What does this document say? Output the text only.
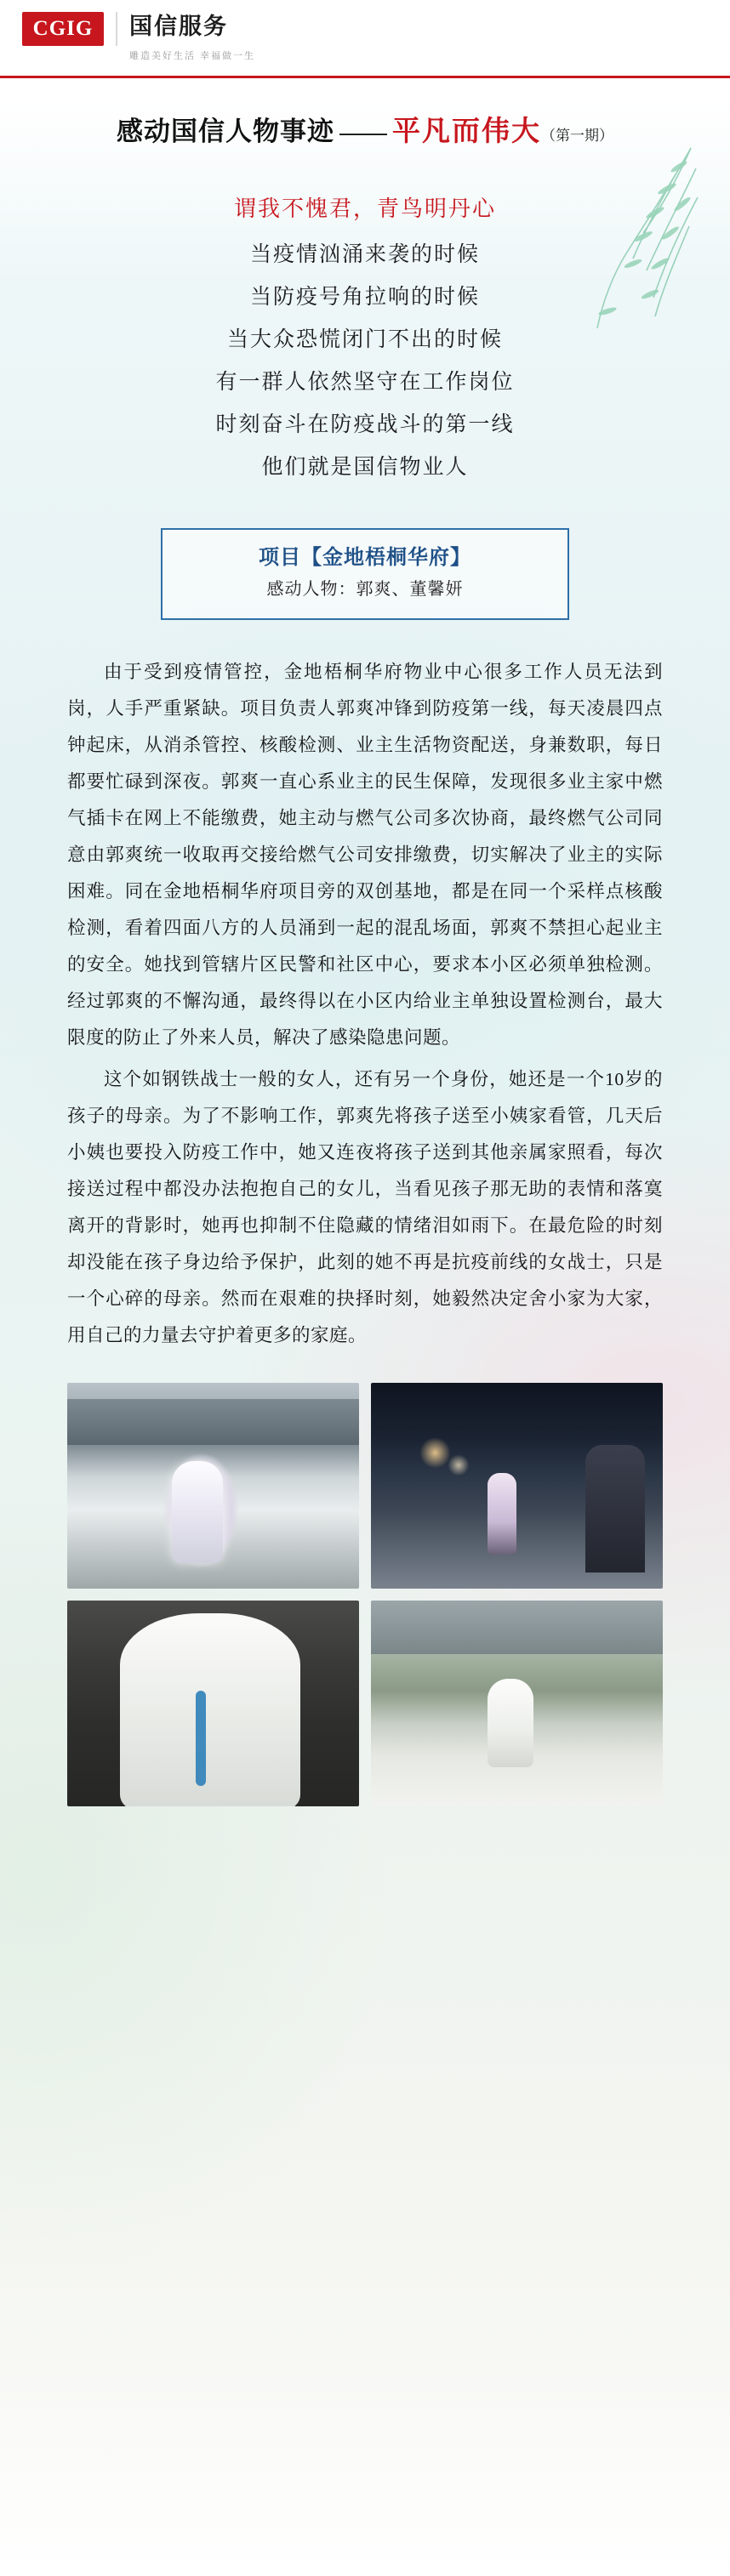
CGIG	国信服务
雕造美好生活 幸福做一生
感动国信人物事迹 —— 平凡而伟大（第一期）
谓我不愧君，青鸟明丹心
当疫情汹涌来袭的时候
当防疫号角拉响的时候
当大众恐慌闭门不出的时候
有一群人依然坚守在工作岗位
时刻奋斗在防疫战斗的第一线
他们就是国信物业人
项目【金地梧桐华府】
感动人物：郭爽、董馨妍

由于受到疫情管控，金地梧桐华府物业中心很多工作人员无法到岗，人手严重紧缺。项目负责人郭爽冲锋到防疫第一线，每天凌晨四点钟起床，从消杀管控、核酸检测、业主生活物资配送，身兼数职，每日都要忙碌到深夜。郭爽一直心系业主的民生保障，发现很多业主家中燃气插卡在网上不能缴费，她主动与燃气公司多次协商，最终燃气公司同意由郭爽统一收取再交接给燃气公司安排缴费，切实解决了业主的实际困难。同在金地梧桐华府项目旁的双创基地，都是在同一个采样点核酸检测，看着四面八方的人员涌到一起的混乱场面，郭爽不禁担心起业主的安全。她找到管辖片区民警和社区中心，要求本小区必须单独检测。经过郭爽的不懈沟通，最终得以在小区内给业主单独设置检测台，最大限度的防止了外来人员，解决了感染隐患问题。

这个如钢铁战士一般的女人，还有另一个身份，她还是一个10岁的孩子的母亲。为了不影响工作，郭爽先将孩子送至小姨家看管，几天后小姨也要投入防疫工作中，她又连夜将孩子送到其他亲属家照看，每次接送过程中都没办法抱抱自己的女儿，当看见孩子那无助的表情和落寞离开的背影时，她再也抑制不住隐藏的情绪泪如雨下。在最危险的时刻却没能在孩子身边给予保护，此刻的她不再是抗疫前线的女战士，只是一个心碎的母亲。然而在艰难的抉择时刻，她毅然决定舍小家为大家，用自己的力量去守护着更多的家庭。
